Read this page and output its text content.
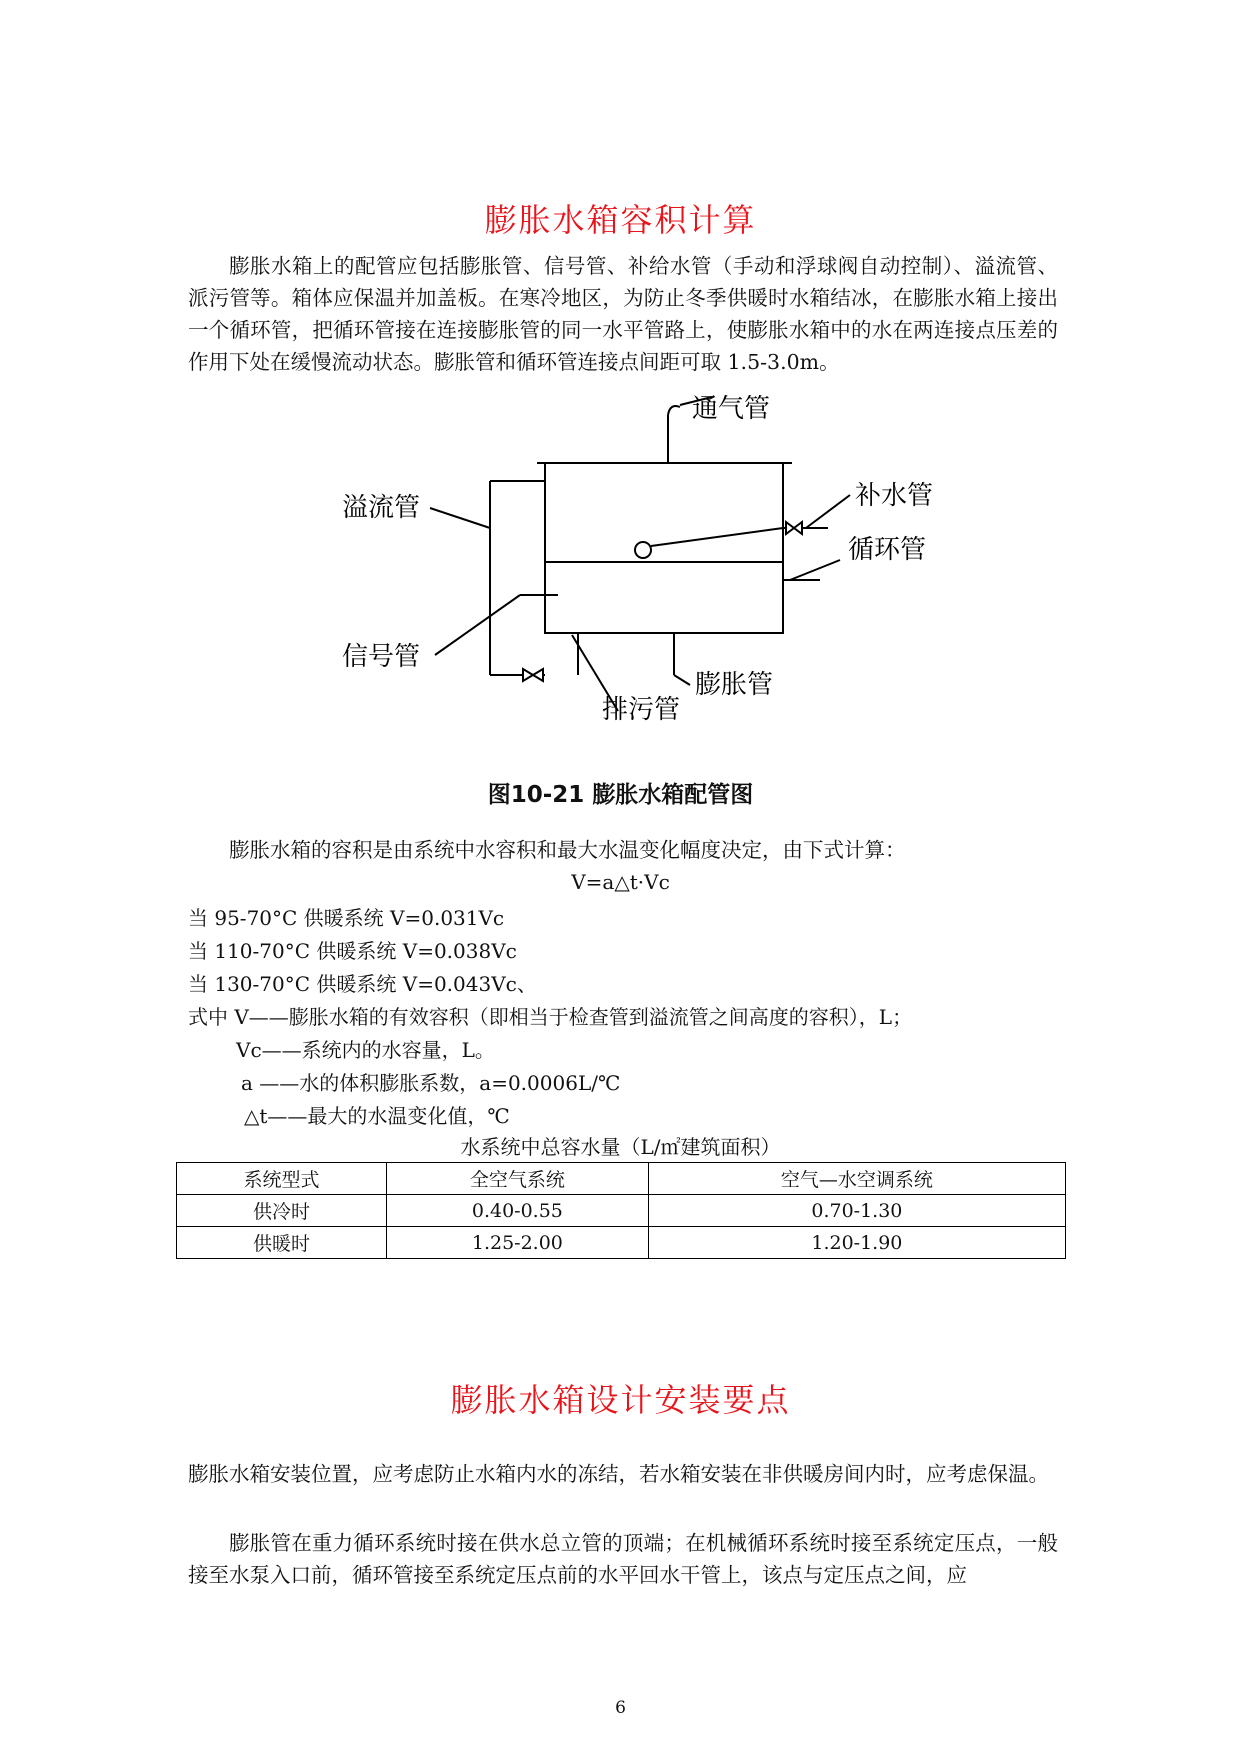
膨胀水箱容积计算
膨胀水箱上的配管应包括膨胀管、信号管、补给水管（手动和浮球阀自动控制）、溢流管、派污管等。箱体应保温并加盖板。在寒冷地区，为防止冬季供暖时水箱结冰，在膨胀水箱上接出一个循环管，把循环管接在连接膨胀管的同一水平管路上，使膨胀水箱中的水在两连接点压差的作用下处在缓慢流动状态。膨胀管和循环管连接点间距可取 1.5-3.0m。
通气管
溢流管	补水管
循环管
信号管
膨胀管
排污管
图10-21 膨胀水箱配管图
膨胀水箱的容积是由系统中水容积和最大水温变化幅度决定，由下式计算：
V=a△t·Vc
当 95-70°C 供暖系统 V=0.031Vc
当 110-70°C 供暖系统 V=0.038Vc
当 130-70°C 供暖系统 V=0.043Vc、
式中 V——膨胀水箱的有效容积（即相当于检查管到溢流管之间高度的容积），L；
Vc——系统内的水容量，L。
a ——水的体积膨胀系数，a=0.0006L/℃
△t——最大的水温变化值，℃
水系统中总容水量（L/㎡建筑面积）
系统型式	全空气系统	空气—水空调系统
供冷时	0.40-0.55	0.70-1.30
供暖时	1.25-2.00	1.20-1.90
膨胀水箱设计安装要点
膨胀水箱安装位置，应考虑防止水箱内水的冻结，若水箱安装在非供暖房间内时，应考虑保温。
膨胀管在重力循环系统时接在供水总立管的顶端；在机械循环系统时接至系统定压点，一般接至水泵入口前，循环管接至系统定压点前的水平回水干管上，该点与定压点之间，应
6
